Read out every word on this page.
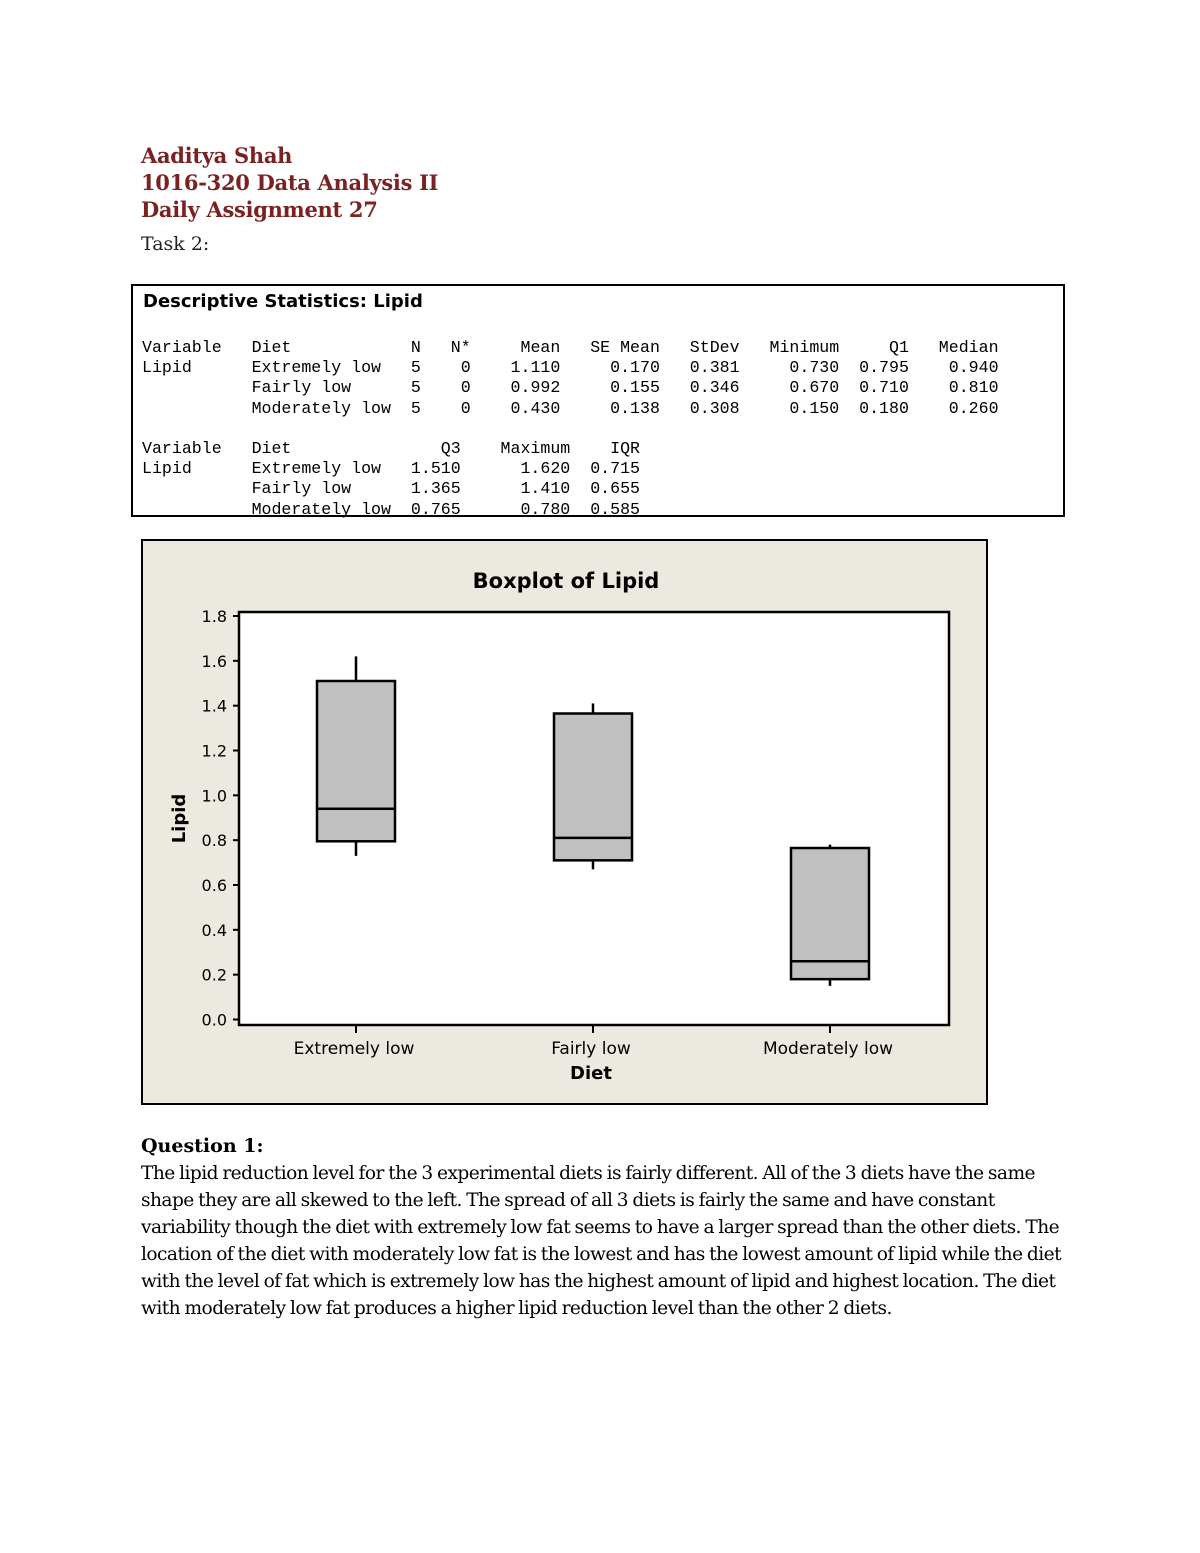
Aaditya Shah
1016-320 Data Analysis II
Daily Assignment 27
Task 2:
Descriptive Statistics: Lipid
Variable   Diet            N   N*     Mean   SE Mean   StDev   Minimum     Q1   Median
Lipid      Extremely low   5    0    1.110     0.170   0.381     0.730  0.795    0.940
Fairly low      5    0    0.992     0.155   0.346     0.670  0.710    0.810
Moderately low  5    0    0.430     0.138   0.308     0.150  0.180    0.260

Variable   Diet               Q3    Maximum    IQR
Lipid      Extremely low   1.510      1.620  0.715
Fairly low      1.365      1.410  0.655
Moderately low  0.765      0.780  0.585

Boxplot of Lipid
0.0
0.2
0.4
0.6
0.8
1.0
1.2
1.4
1.6
1.8
Lipid
Extremely low	Fairly low	Moderately low
Diet
Question 1:
The lipid reduction level for the 3 experimental diets is fairly different. All of the 3 diets have the same shape they are all skewed to the left. The spread of all 3 diets is fairly the same and have constant variability though the diet with extremely low fat seems to have a larger spread than the other diets. The location of the diet with moderately low fat is the lowest and has the lowest amount of lipid while the diet with the level of fat which is extremely low has the highest amount of lipid and highest location. The diet with moderately low fat produces a higher lipid reduction level than the other 2 diets.
